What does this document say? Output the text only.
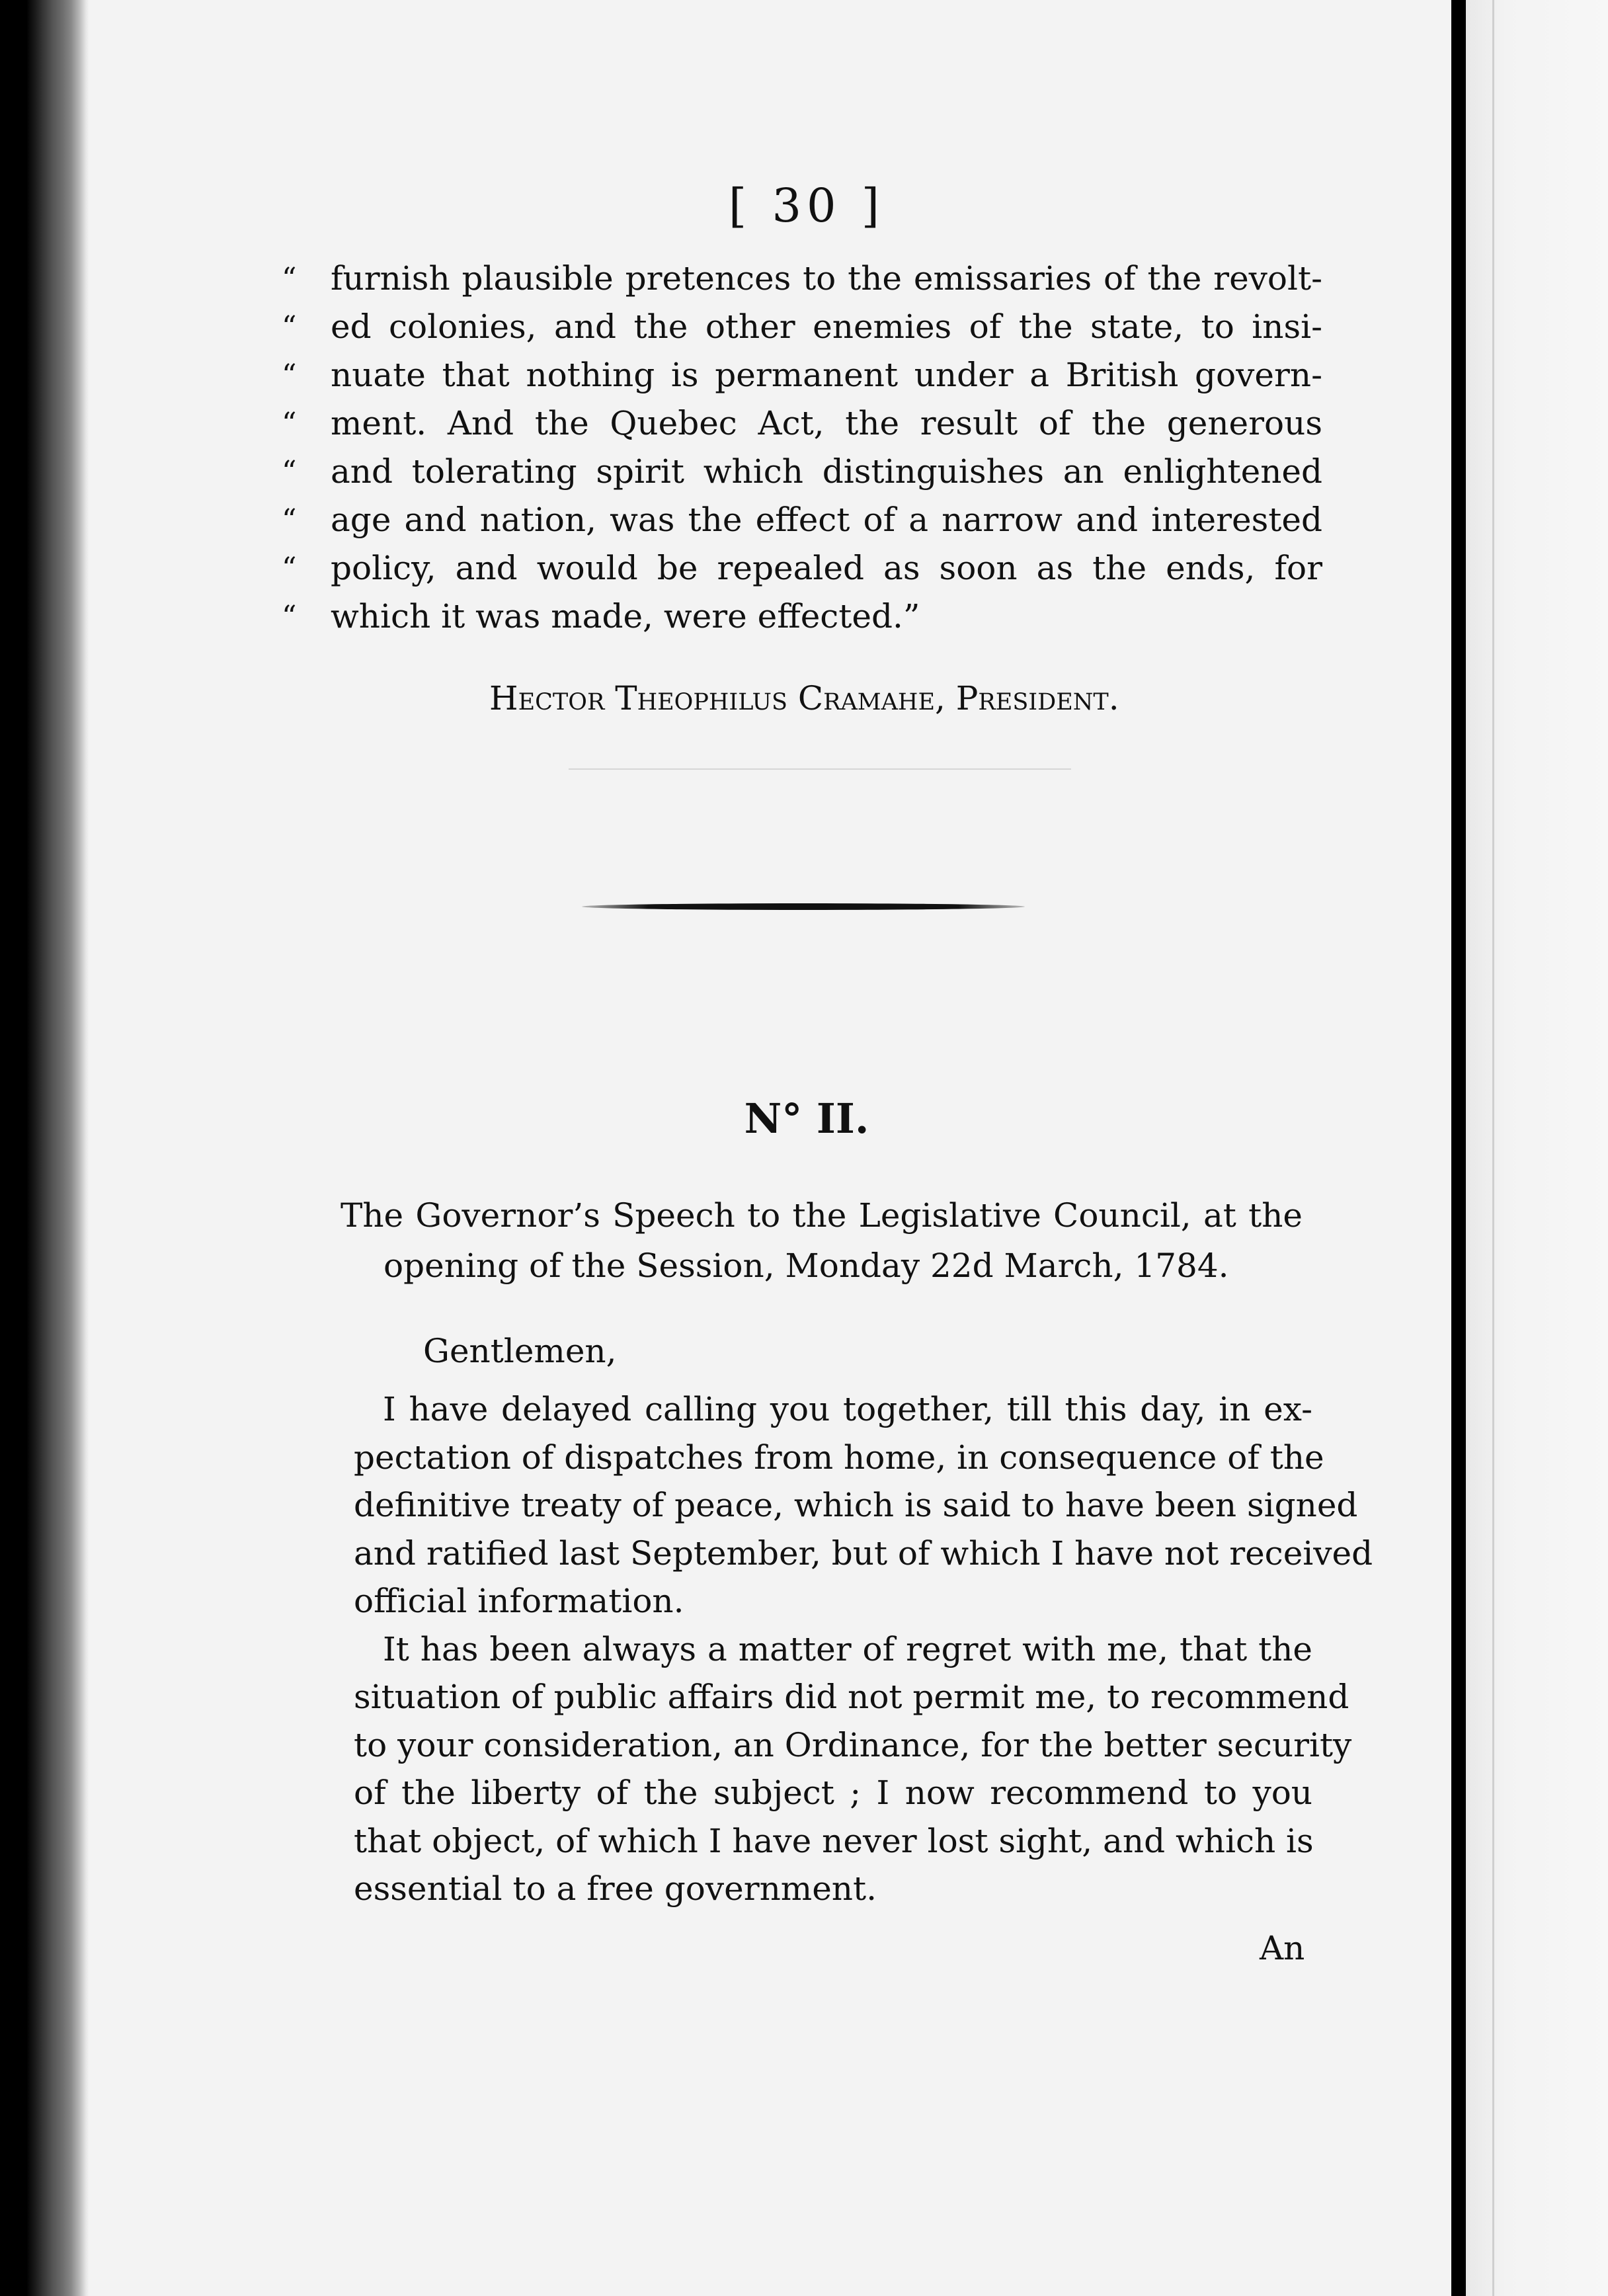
[ 30 ]
“ furnish plausible pretences to the emissaries of the revolt-
“ ed colonies, and the other enemies of the state, to insi-
“ nuate that nothing is permanent under a British govern-
“ ment. And the Quebec Act, the result of the generous
“ and tolerating spirit which distinguishes an enlightened
“ age and nation, was the effect of a narrow and interested
“ policy, and would be repealed as soon as the ends, for
“ which it was made, were effected.”
Hector Theophilus Cramahe, President.
N° II.
The Governor’s Speech to the Legislative Council, at the
opening of the Session, Monday 22d March, 1784.
Gentlemen,
I have delayed calling you together, till this day, in ex-
pectation of dispatches from home, in consequence of the
definitive treaty of peace, which is said to have been signed
and ratified last September, but of which I have not received
official information.
It has been always a matter of regret with me, that the
situation of public affairs did not permit me, to recommend
to your consideration, an Ordinance, for the better security
of the liberty of the subject ; I now recommend to you
that object, of which I have never lost sight, and which is
essential to a free government.
An
